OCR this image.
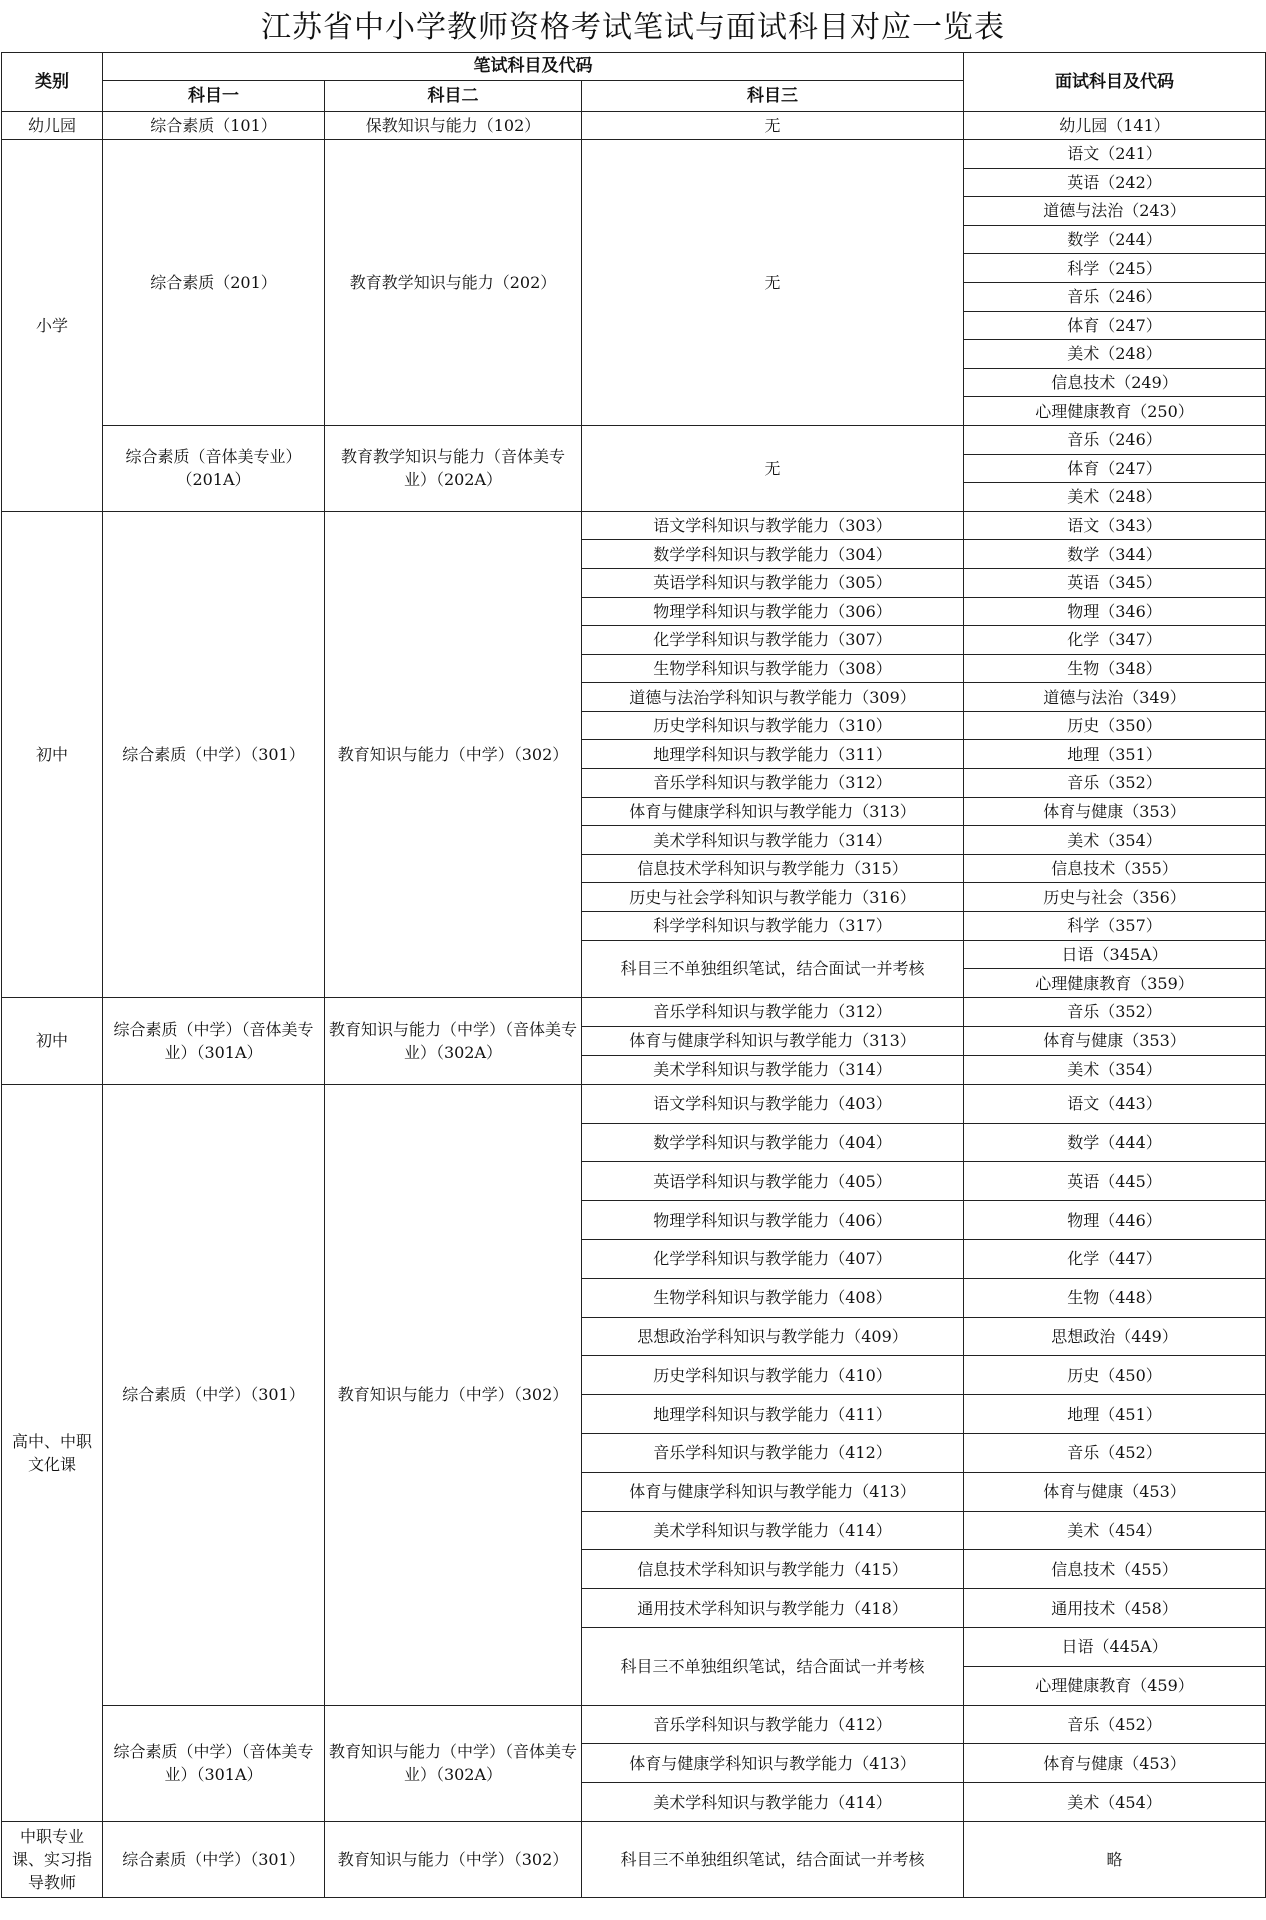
江苏省中小学教师资格考试笔试与面试科目对应一览表
类别	笔试科目及代码			面试科目及代码
	科目一	科目二	科目三	
幼儿园	综合素质（101）	保教知识与能力（102）	无	幼儿园（141）
小学	综合素质（201）	教育教学知识与能力（202）	无	语文（241）
				英语（242）
				道德与法治（243）
				数学（244）
				科学（245）
				音乐（246）
				体育（247）
				美术（248）
				信息技术（249）
				心理健康教育（250）
	综合素质（音体美专业）（201A）	教育教学知识与能力（音体美专业）（202A）	无	音乐（246）
				体育（247）
				美术（248）
初中	综合素质（中学）（301）	教育知识与能力（中学）（302）	语文学科知识与教学能力（303）	语文（343）
			数学学科知识与教学能力（304）	数学（344）
			英语学科知识与教学能力（305）	英语（345）
			物理学科知识与教学能力（306）	物理（346）
			化学学科知识与教学能力（307）	化学（347）
			生物学科知识与教学能力（308）	生物（348）
			道德与法治学科知识与教学能力（309）	道德与法治（349）
			历史学科知识与教学能力（310）	历史（350）
			地理学科知识与教学能力（311）	地理（351）
			音乐学科知识与教学能力（312）	音乐（352）
			体育与健康学科知识与教学能力（313）	体育与健康（353）
			美术学科知识与教学能力（314）	美术（354）
			信息技术学科知识与教学能力（315）	信息技术（355）
			历史与社会学科知识与教学能力（316）	历史与社会（356）
			科学学科知识与教学能力（317）	科学（357）
			科目三不单独组织笔试，结合面试一并考核	日语（345A）
				心理健康教育（359）
初中	综合素质（中学）（音体美专业）（301A）	教育知识与能力（中学）（音体美专业）（302A）	音乐学科知识与教学能力（312）	音乐（352）
			体育与健康学科知识与教学能力（313）	体育与健康（353）
			美术学科知识与教学能力（314）	美术（354）
高中、中职文化课	综合素质（中学）（301）	教育知识与能力（中学）（302）	语文学科知识与教学能力（403）	语文（443）
			数学学科知识与教学能力（404）	数学（444）
			英语学科知识与教学能力（405）	英语（445）
			物理学科知识与教学能力（406）	物理（446）
			化学学科知识与教学能力（407）	化学（447）
			生物学科知识与教学能力（408）	生物（448）
			思想政治学科知识与教学能力（409）	思想政治（449）
			历史学科知识与教学能力（410）	历史（450）
			地理学科知识与教学能力（411）	地理（451）
			音乐学科知识与教学能力（412）	音乐（452）
			体育与健康学科知识与教学能力（413）	体育与健康（453）
			美术学科知识与教学能力（414）	美术（454）
			信息技术学科知识与教学能力（415）	信息技术（455）
			通用技术学科知识与教学能力（418）	通用技术（458）
			科目三不单独组织笔试，结合面试一并考核	日语（445A）
				心理健康教育（459）
	综合素质（中学）（音体美专业）（301A）	教育知识与能力（中学）（音体美专业）（302A）	音乐学科知识与教学能力（412）	音乐（452）
			体育与健康学科知识与教学能力（413）	体育与健康（453）
			美术学科知识与教学能力（414）	美术（454）
中职专业课、实习指导教师	综合素质（中学）（301）	教育知识与能力（中学）（302）	科目三不单独组织笔试，结合面试一并考核	略
